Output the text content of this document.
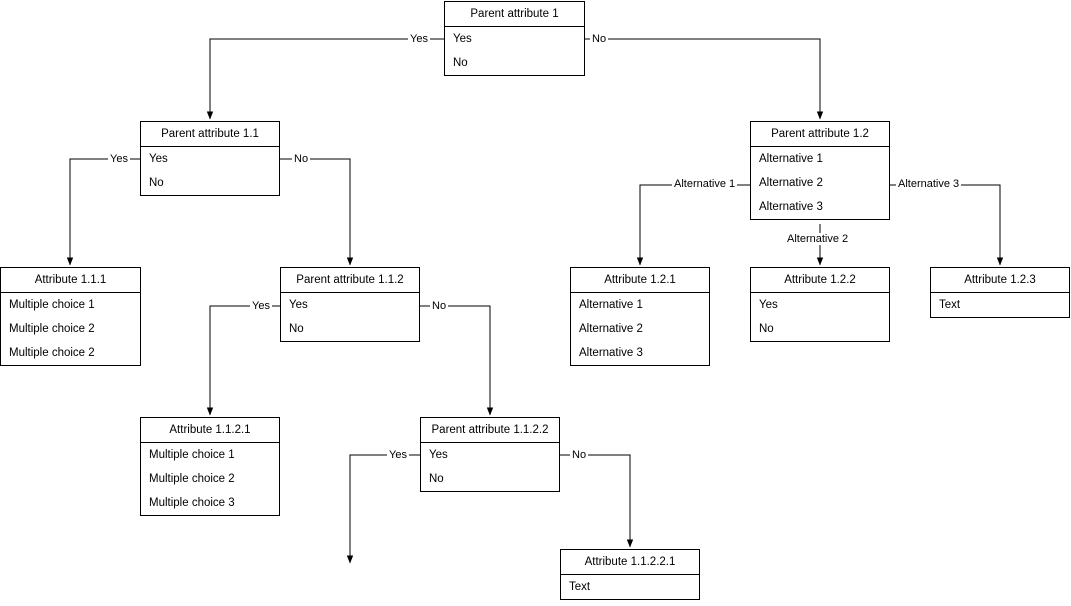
Parent attribute 1
Yes
No
Parent attribute 1.1
Yes
No
Parent attribute 1.2
Alternative 1
Alternative 2
Alternative 3
Attribute 1.1.1
Multiple choice 1
Multiple choice 2
Multiple choice 2
Parent attribute 1.1.2
Yes
No
Attribute 1.2.1
Alternative 1
Alternative 2
Alternative 3
Attribute 1.2.2
Yes
No
Attribute 1.2.3
Text
Attribute 1.1.2.1
Multiple choice 1
Multiple choice 2
Multiple choice 3
Parent attribute 1.1.2.2
Yes
No
Attribute 1.1.2.2.1
Text
Yes	No
Yes	No
Alternative 1
Alternative 2
Alternative 3
Yes	No
Yes	No
